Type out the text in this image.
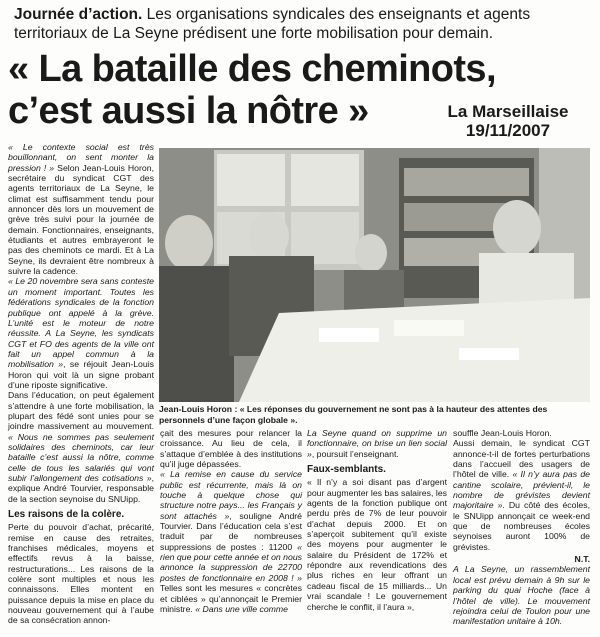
Journée d’action. Les organisations syndicales des enseignants et agents territoriaux de La Seyne prédisent une forte mobilisation pour demain.
« La bataille des cheminots,
c’est aussi la nôtre »	La Marseillaise
19/11/2007
Jean-Louis Horon : « Les réponses du gouvernement ne sont pas à la hauteur des attentes des personnels d’une façon globale ».

« Le contexte social est très bouillonnant, on sent monter la pression ! » Selon Jean-Louis Horon, secrétaire du syndicat CGT des agents territoriaux de La Seyne, le climat est suffisamment tendu pour annoncer dès lors un mouvement de grève très suivi pour la journée de demain. Fonctionnaires, enseignants, étudiants et autres embrayeront le pas des cheminots ce mardi. Et à La Seyne, ils devraient être nombreux à suivre la cadence.

« Le 20 novembre sera sans conteste un moment important. Toutes les fédérations syndicales de la fonction publique ont appelé à la grève. L’unité est le moteur de notre réussite. A La Seyne, les syndicats CGT et FO des agents de la ville ont fait un appel commun à la mobilisation », se réjouit Jean-Louis Horon qui voit là un signe probant d’une riposte significative.

Dans l’éducation, on peut également s’attendre à une forte mobilisation, la plupart des fédé sont unies pour se joindre massivement au mouvement. « Nous ne sommes pas seulement solidaires des cheminots, car leur bataille c’est aussi la nôtre, comme celle de tous les salariés qui vont subir l’allongement des cotisations », explique André Tourvier, responsable de la section seynoise du SNUipp.

Les raisons de la colère.

Perte du pouvoir d’achat, précarité, remise en cause des retraites, franchises médicales, moyens et effectifs revus à la baisse, restructurations... Les raisons de la colère sont multiples et nous les connaissons. Elles montent en puissance depuis la mise en place du nouveau gouvernement qui à l’aube de sa consécration annon-

çait des mesures pour relancer la croissance. Au lieu de cela, il s’attaque d’emblée à des institutions qu’il juge dépassées.

« La remise en cause du service public est récurrente, mais là on touche à quelque chose qui structure notre pays... les Français y sont attachés », souligne André Tourvier. Dans l’éducation cela s’est traduit par de nombreuses suppressions de postes : 11200 « rien que pour cette année et on nous annonce la suppression de 22700 postes de fonctionnaire en 2008 ! » Telles sont les mesures « concrètes et ciblées » qu’annonçait le Premier ministre. « Dans une ville comme

La Seyne quand on supprime un fonctionnaire, on brise un lien social », poursuit l’enseignant.

Faux-semblants.

« Il n’y a soi disant pas d’argent pour augmenter les bas salaires, les agents de la fonction publique ont perdu près de 7% de leur pouvoir d’achat depuis 2000. Et on s’aperçoit subitement qu’il existe des moyens pour augmenter le salaire du Président de 172% et répondre aux revendications des plus riches en leur offrant un cadeau fiscal de 15 milliards... Un vrai scandale ! Le gouvernement cherche le conflit, il l’aura »,

souffle Jean-Louis Horon.

Aussi demain, le syndicat CGT annonce-t-il de fortes perturbations dans l’accueil des usagers de l’hôtel de ville. « Il n’y aura pas de cantine scolaire, prévient-il, le nombre de grévistes devient majoritaire ». Du côté des écoles, le SNUipp annonçait ce week-end que de nombreuses écoles seynoises auront 100% de grévistes.

N.T.

A La Seyne, un rassemblement local est prévu demain à 9h sur le parking du quai Hoche (face à l’hôtel de ville). Le mouvement rejoindra celui de Toulon pour une manifestation unitaire à 10h.
